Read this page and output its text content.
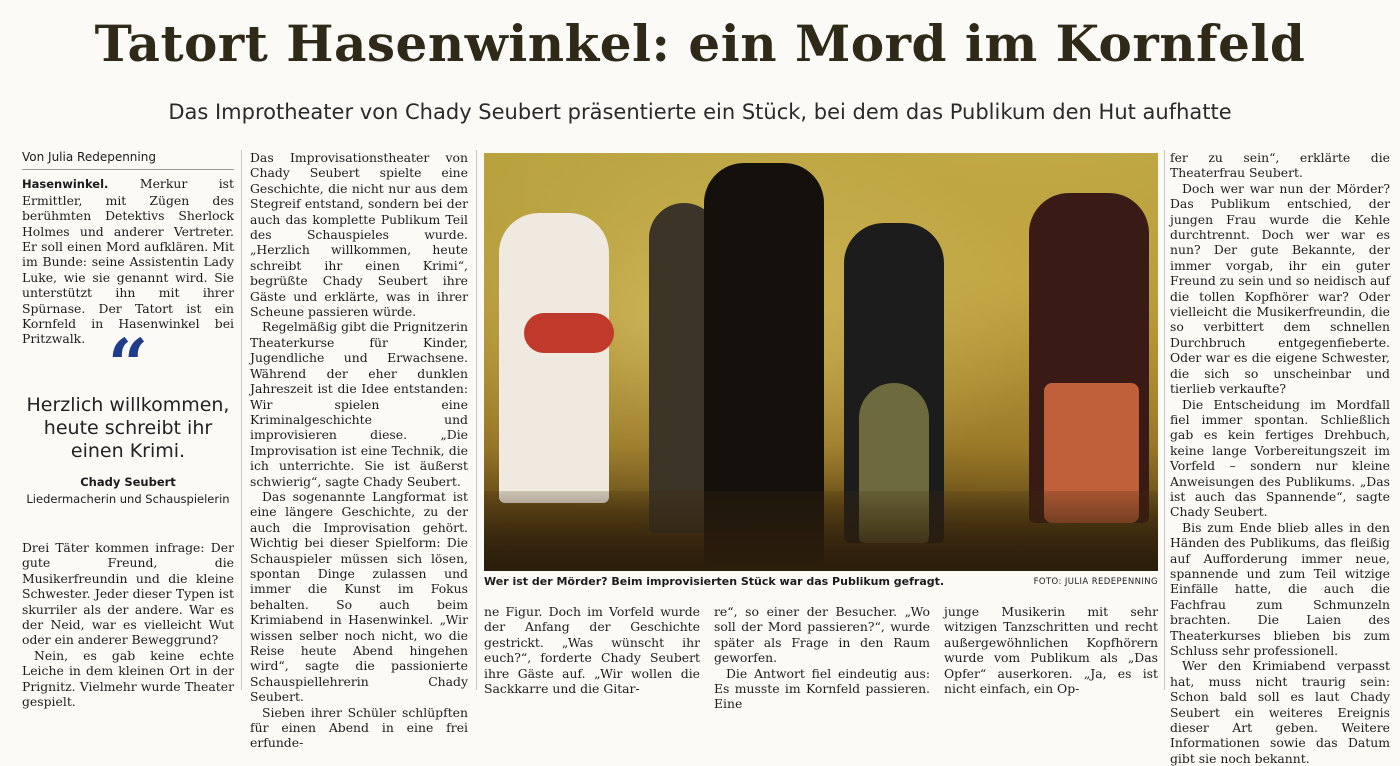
Tatort Hasenwinkel: ein Mord im Kornfeld
Das Improtheater von Chady Seubert präsentierte ein Stück, bei dem das Publikum den Hut aufhatte
Von Julia Redepenning

Hasenwinkel.	Merkur ist Ermittler, mit Zügen des berühmten Detektivs Sherlock Holmes und anderer Vertreter. Er soll einen Mord aufklären. Mit im Bunde: seine Assistentin Lady Luke, wie sie genannt wird. Sie unterstützt ihn mit ihrer Spürnase. Der Tatort ist ein Kornfeld in Hasenwinkel bei Pritzwalk. “
Herzlich willkommen, heute schreibt ihr einen Krimi.
Chady Seubert
Liedermacherin und Schauspielerin

Drei Täter kommen infrage: Der gute Freund, die Musikerfreundin und die kleine Schwester. Jeder dieser Typen ist skurriler als der andere. War es der Neid, war es vielleicht Wut oder ein anderer Beweggrund?

Nein, es gab keine echte Leiche in dem kleinen Ort in der Prignitz. Vielmehr wurde Theater gespielt.

Das Improvisationstheater von Chady Seubert spielte eine Geschichte, die nicht nur aus dem Stegreif entstand, sondern bei der auch das komplette Publikum Teil des Schauspieles wurde. „Herzlich willkommen, heute schreibt ihr einen Krimi“, begrüßte Chady Seubert ihre Gäste und erklärte, was in ihrer Scheune passieren würde.

Regelmäßig gibt die Prignitzerin Theaterkurse für Kinder, Jugendliche und Erwachsene. Während der eher dunklen Jahreszeit ist die Idee entstanden: Wir spielen eine Kriminalgeschichte und improvisieren diese. „Die Improvisation ist eine Technik, die ich unterrichte. Sie ist äußerst schwierig“, sagte Chady Seubert.

Das sogenannte Langformat ist eine längere Geschichte, zu der auch die Improvisation gehört. Wichtig bei dieser Spielform: Die Schauspieler müssen sich lösen, spontan Dinge zulassen und immer die Kunst im Fokus behalten. So auch beim Krimiabend in Hasenwinkel. „Wir wissen selber noch nicht, wo die Reise heute Abend hingehen wird“, sagte die passionierte Schauspiellehrerin Chady Seubert.

Sieben ihrer Schüler schlüpften für einen Abend in eine frei erfunde-

Wer ist der Mörder? Beim improvisierten Stück war das Publikum gefragt.	FOTO: JULIA REDEPENNING

ne Figur. Doch im Vorfeld wurde der Anfang der Geschichte gestrickt. „Was wünscht ihr euch?“, forderte Chady Seubert ihre Gäste auf. „Wir wollen die Sackkarre und die Gitar-

re“, so einer der Besucher. „Wo soll der Mord passieren?“, wurde später als Frage in den Raum geworfen.

Die Antwort fiel eindeutig aus: Es musste im Kornfeld passieren. Eine

junge Musikerin mit sehr witzigen Tanzschritten und recht außergewöhnlichen Kopfhörern wurde vom Publikum als „Das Opfer“ auserkoren. „Ja, es ist nicht einfach, ein Op-

fer zu sein“, erklärte die Theaterfrau Seubert.

Doch wer war nun der Mörder? Das Publikum entschied, der jungen Frau wurde die Kehle durchtrennt. Doch wer war es nun? Der gute Bekannte, der immer vorgab, ihr ein guter Freund zu sein und so neidisch auf die tollen Kopfhörer war? Oder vielleicht die Musikerfreundin, die so verbittert dem schnellen Durchbruch entgegenfieberte. Oder war es die eigene Schwester, die sich so unscheinbar und tierlieb verkaufte?

Die Entscheidung im Mordfall fiel immer spontan. Schließlich gab es kein fertiges Drehbuch, keine lange Vorbereitungszeit im Vorfeld – sondern nur kleine Anweisungen des Publikums. „Das ist auch das Spannende“, sagte Chady Seubert.

Bis zum Ende blieb alles in den Händen des Publikums, das fleißig auf Aufforderung immer neue, spannende und zum Teil witzige Einfälle hatte, die auch die Fachfrau zum Schmunzeln brachten. Die Laien des Theaterkurses blieben bis zum Schluss sehr professionell.

Wer den Krimiabend verpasst hat, muss nicht traurig sein: Schon bald soll es laut Chady Seubert ein weiteres Ereignis dieser Art geben. Weitere Informationen sowie das Datum gibt sie noch bekannt.
